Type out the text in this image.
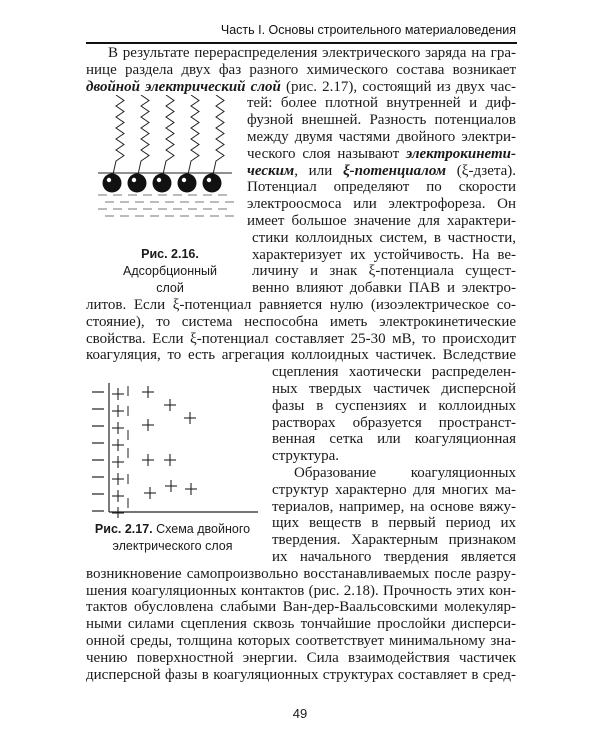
Часть I. Основы строительного материаловедения
В результате перераспределения электрического заряда на гра-
нице раздела двух фаз разного химического состава возникает
двойной электрический слой (рис. 2.17), состоящий из двух час-
тей: более плотной внутренней и диф-
фузной внешней. Разность потенциалов
между двумя частями двойного электри-
ческого слоя называют электрокинети-
ческим, или ξ-потенциалом (ξ-дзета).
Потенциал определяют по скорости
электроосмоса или электрофореза. Он
имеет большое значение для характери-
стики коллоидных систем, в частности,
характеризует их устойчивость. На ве-
личину и знак ξ-потенциала сущест-
венно влияют добавки ПАВ и электро-
литов. Если ξ-потенциал равняется нулю (изоэлектрическое со-
стояние), то система неспособна иметь электрокинетические
свойства. Если ξ-потенциал составляет 25-30 мВ, то происходит
коагуляция, то есть агрегация коллоидных частичек. Вследствие
сцепления хаотически распределен-
ных твердых частичек дисперсной
фазы в суспензиях и коллоидных
растворах образуется пространст-
венная сетка или коагуляционная
структура.
Образование коагуляционных
структур характерно для многих ма-
териалов, например, на основе вяжу-
щих веществ в первый период их
твердения. Характерным признаком
их начального твердения является
возникновение самопроизвольно восстанавливаемых после разру-
шения коагуляционных контактов (рис. 2.18). Прочность этих кон-
тактов обусловлена слабыми Ван-дер-Ваальсовскими молекуляр-
ными силами сцепления сквозь тончайшие прослойки дисперси-
онной среды, толщина которых соответствует минимальному зна-
чению поверхностной энергии. Сила взаимодействия частичек
дисперсной фазы в коагуляционных структурах составляет в сред-
Рис. 2.16.
Адсорбционный
слой
Рис. 2.17. Схема двойного
электрического слоя
49
